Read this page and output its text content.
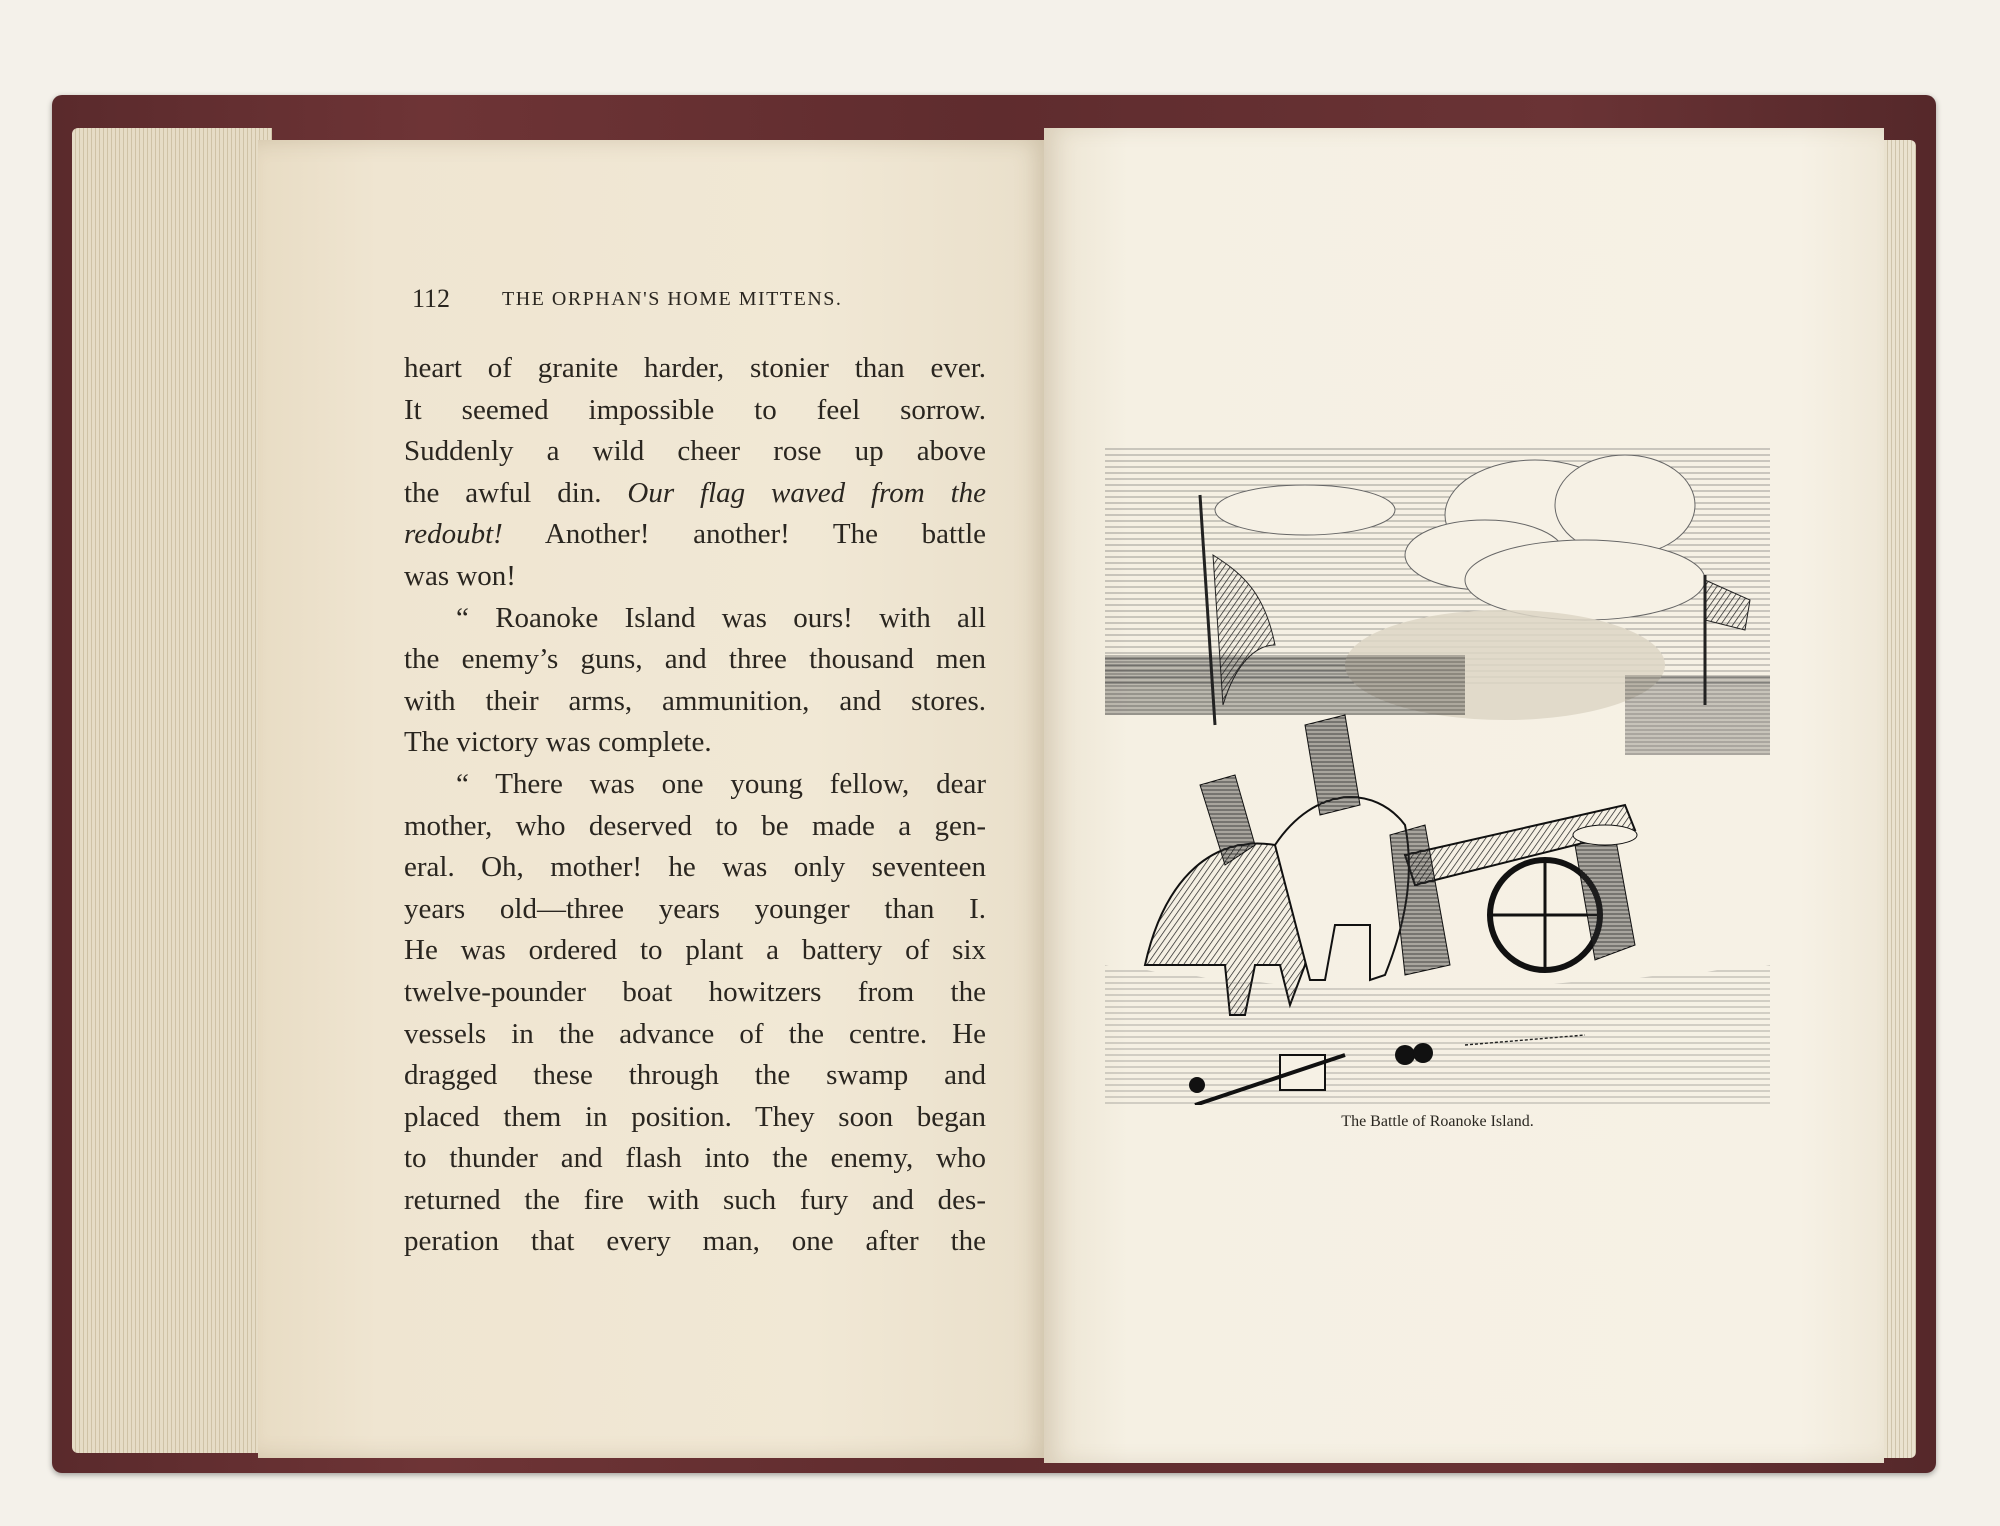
112	THE ORPHAN'S HOME MITTENS.
heart of granite harder, stonier than ever.
It seemed impossible to feel sorrow.
Suddenly a wild cheer rose up above
the awful din. Our flag waved from the
redoubt! Another! another! The battle
was won!
“ Roanoke Island was ours! with all
the enemy’s guns, and three thousand men
with their arms, ammunition, and stores.
The victory was complete.
“ There was one young fellow, dear
mother, who deserved to be made a gen-
eral. Oh, mother! he was only seventeen
years old—three years younger than I.
He was ordered to plant a battery of six
twelve-pounder boat howitzers from the
vessels in the advance of the centre. He
dragged these through the swamp and
placed them in position. They soon began
to thunder and flash into the enemy, who
returned the fire with such fury and des-
peration that every man, one after the
The Battle of Roanoke Island.
